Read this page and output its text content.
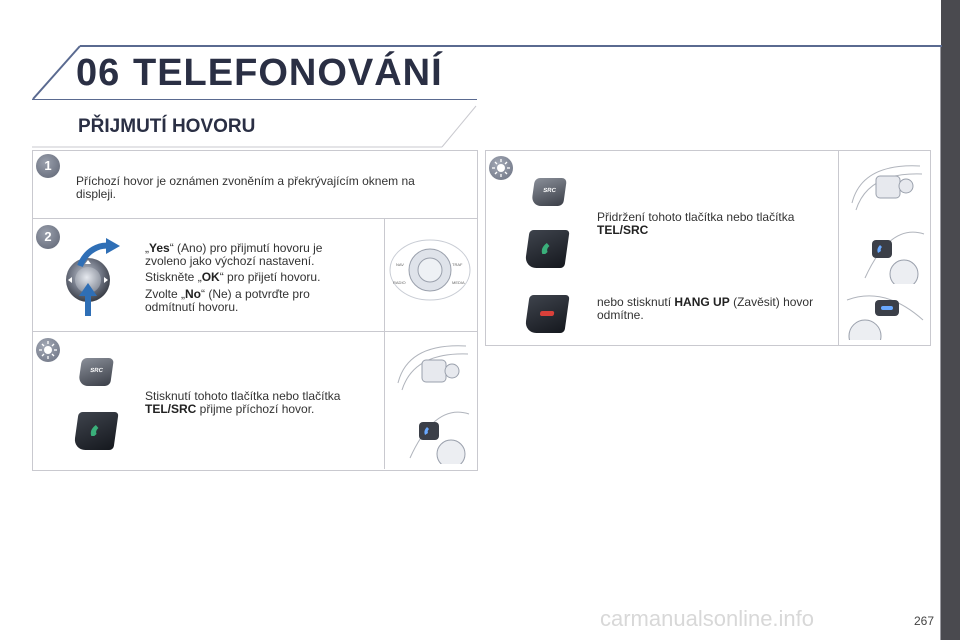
06 TELEFONOVÁNÍ
PŘIJMUTÍ HOVORU
1
Příchozí hovor je oznámen zvoněním a překrývajícím oknem na displeji.
2
„Yes“ (Ano) pro přijmutí hovoru je zvoleno jako výchozí nastavení.
Stiskněte „OK“ pro přijetí hovoru.
Zvolte „No“ (Ne) a potvrďte pro odmítnutí hovoru.
NAV	TRAF
RADIO	MEDIA
SRC
Stisknutí tohoto tlačítka nebo tlačítka
TEL/SRC přijme příchozí hovor.
SRC
Přidržení tohoto tlačítka nebo tlačítka
TEL/SRC
nebo stisknutí HANG UP (Zavěsit) hovor odmítne.
carmanualsonline.info	267
